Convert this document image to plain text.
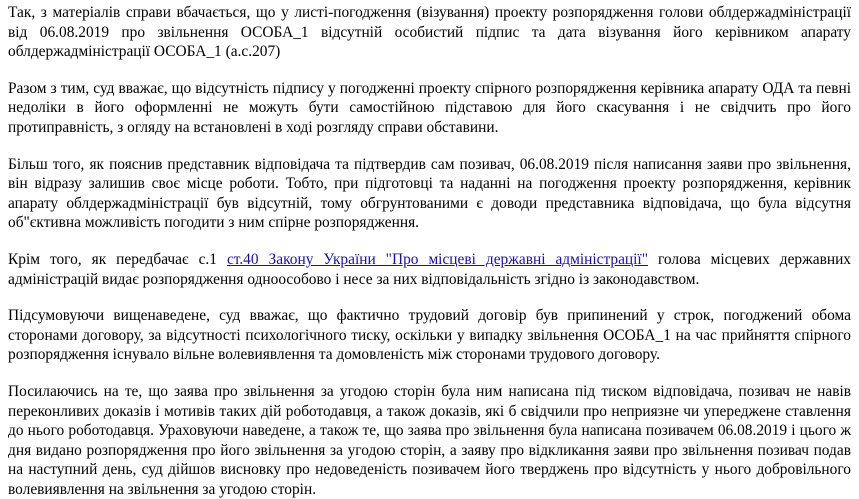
Так, з матеріалів справи вбачається, що у листі-погодження (візування) проекту розпорядження голови облдержадміністрації від 06.08.2019 про звільнення ОСОБА_1 відсутній особистий підпис та дата візування його керівником апарату облдержадміністрації ОСОБА_1 (а.с.207)

Разом з тим, суд вважає, що відсутність підпису у погодженні проекту спірного розпорядження керівника апарату ОДА та певні недоліки в його оформленні не можуть бути самостійною підставою для його скасування і не свідчить про його протиправність, з огляду на встановлені в ході розгляду справи обставини.

Більш того, як пояснив представник відповідача та підтвердив сам позивач, 06.08.2019 після написання заяви про звільнення, він відразу залишив своє місце роботи. Тобто, при підготовці та наданні на погодження проекту розпорядження, керівник апарату облдержадміністрації був відсутній, тому обгрунтованими є доводи представника відповідача, що була відсутня об"єктивна можливість погодити з ним спірне розпорядження.

Крім того, як передбачає с.1 ст.40 Закону України "Про місцеві державні адміністрації" голова місцевих державних адміністрацій видає розпорядження одноособово і несе за них відповідальність згідно із законодавством.

Підсумовуючи вищенаведене, суд вважає, що фактично трудовий договір був припинений у строк, погоджений обома сторонами договору, за відсутності психологічного тиску, оскільки у випадку звільнення ОСОБА_1 на час прийняття спірного розпорядження існувало вільне волевиявлення та домовленість між сторонами трудового договору.

Посилаючись на те, що заява про звільнення за угодою сторін була ним написана під тиском відповідача, позивач не навів переконливих доказів і мотивів таких дій роботодавця, а також доказів, які б свідчили про неприязне чи упереджене ставлення до нього роботодавця. Ураховуючи наведене, а також те, що заява про звільнення була написана позивачем 06.08.2019 і цього ж дня видано розпорядження про його звільнення за угодою сторін, а заяву про відкликання заяви про звільнення позивач подав на наступний день, суд дійшов висновку про недоведеність позивачем його тверджень про відсутність у нього добровільного волевиявлення на звільнення за угодою сторін.
